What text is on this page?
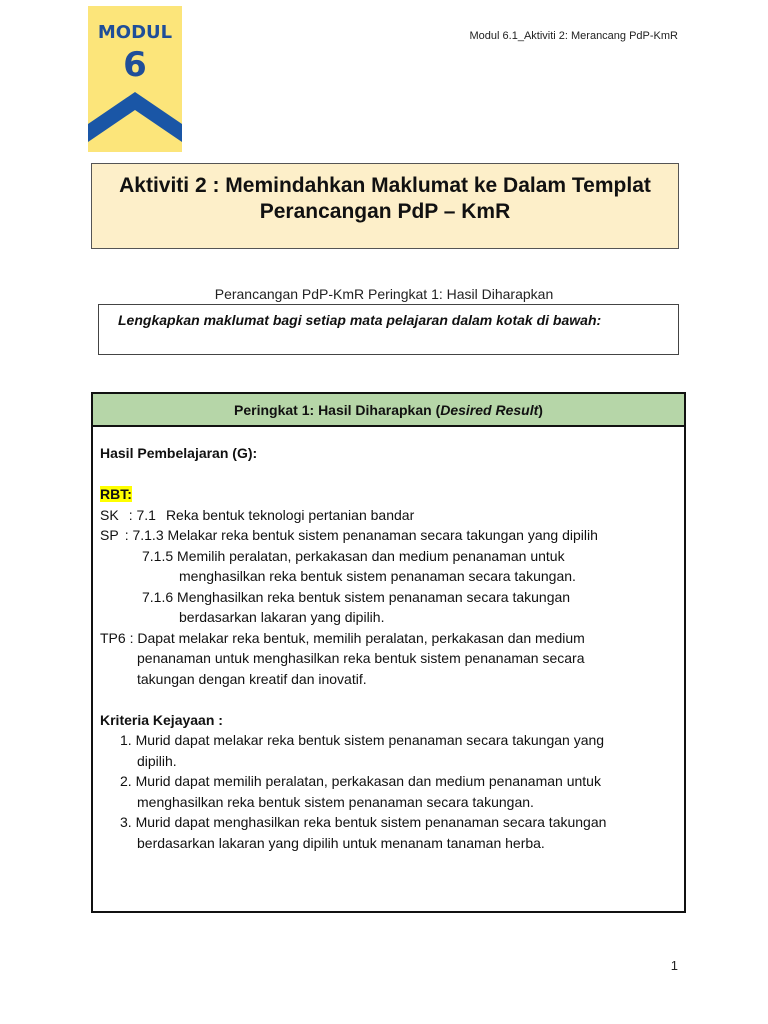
MODUL
6
Modul 6.1_Aktiviti 2: Merancang PdP-KmR
Aktiviti 2 : Memindahkan Maklumat ke Dalam Templat
Perancangan PdP – KmR
Perancangan PdP-KmR Peringkat 1: Hasil Diharapkan
Lengkapkan maklumat bagi setiap mata pelajaran dalam kotak di bawah:
Peringkat 1: Hasil Diharapkan ( Desired Result )
Hasil Pembelajaran (G):
RBT:
SK : 7.1 Reka bentuk teknologi pertanian bandar
SP : 7.1.3 Melakar reka bentuk sistem penanaman secara takungan yang dipilih
7.1.5 Memilih peralatan, perkakasan dan medium penanaman untuk
menghasilkan reka bentuk sistem penanaman secara takungan.
7.1.6 Menghasilkan reka bentuk sistem penanaman secara takungan
berdasarkan lakaran yang dipilih.
TP6 : Dapat melakar reka bentuk, memilih peralatan, perkakasan dan medium
penanaman untuk menghasilkan reka bentuk sistem penanaman secara
takungan dengan kreatif dan inovatif.
Kriteria Kejayaan :
1. Murid dapat melakar reka bentuk sistem penanaman secara takungan yang
dipilih.
2. Murid dapat memilih peralatan, perkakasan dan medium penanaman untuk
menghasilkan reka bentuk sistem penanaman secara takungan.
3. Murid dapat menghasilkan reka bentuk sistem penanaman secara takungan
berdasarkan lakaran yang dipilih untuk menanam tanaman herba.
1
